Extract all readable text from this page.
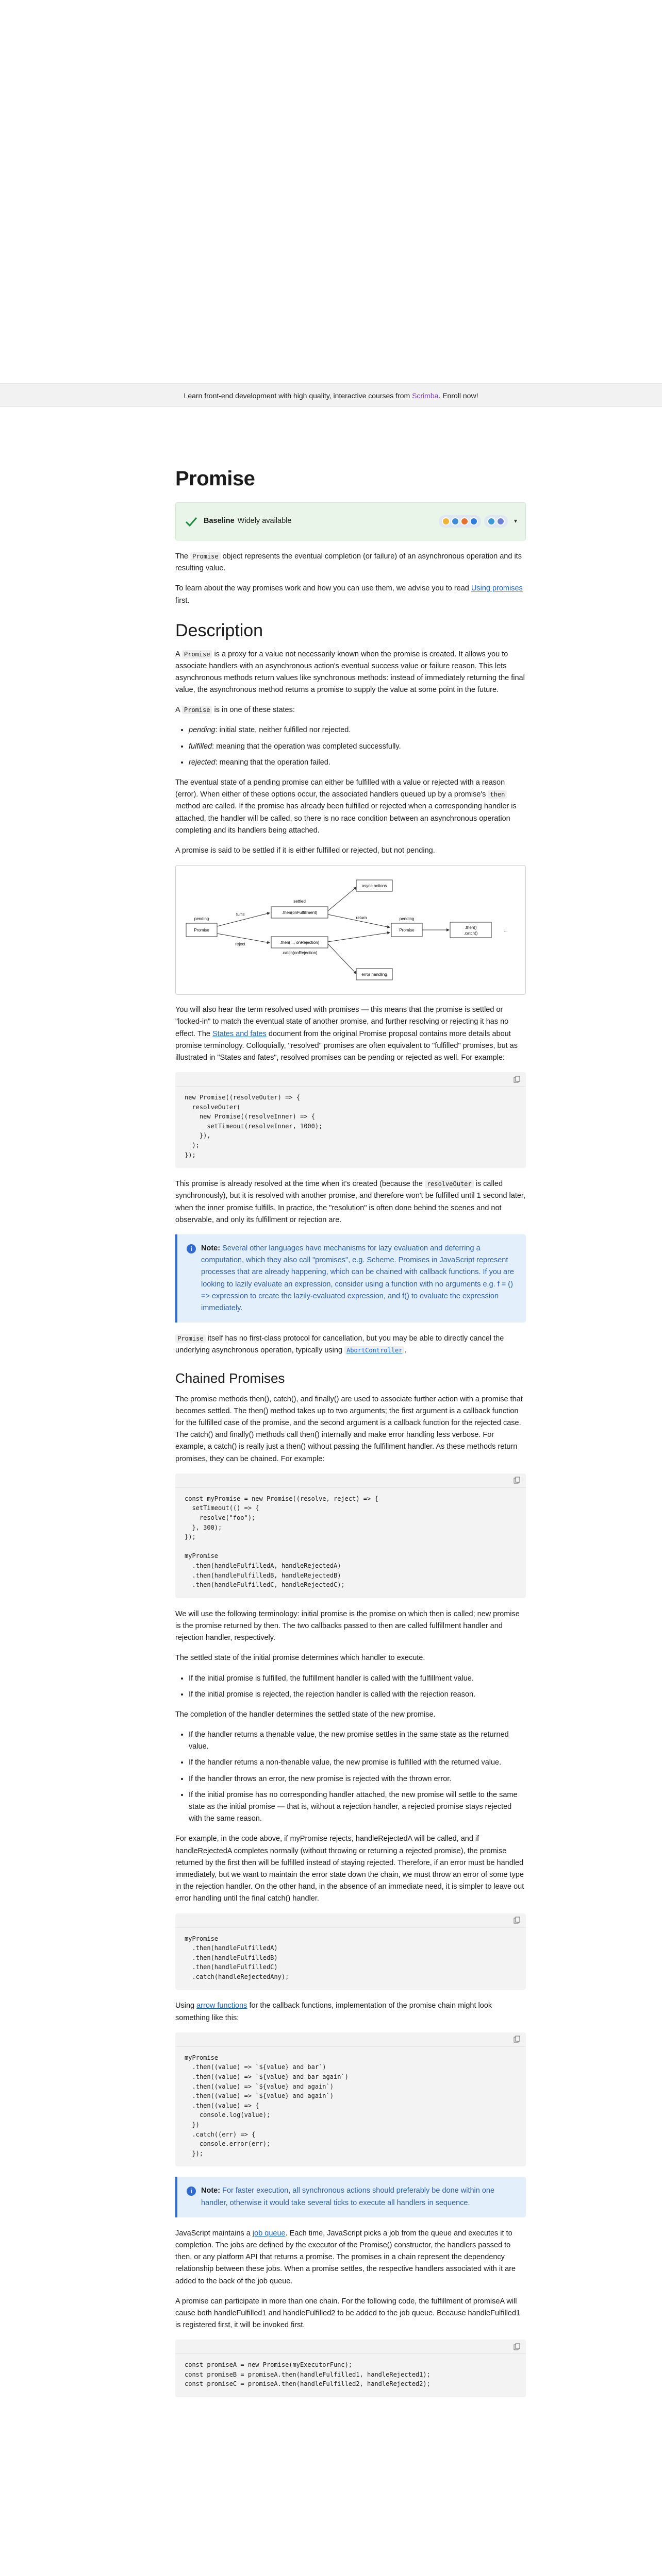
Learn front-end development with high quality, interactive courses from Scrimba. Enroll now!
Promise
Baseline Widely available	▾

The Promise object represents the eventual completion (or failure) of an asynchronous operation and its resulting value.

To learn about the way promises work and how you can use them, we advise you to read Using promises first.

Description

A Promise is a proxy for a value not necessarily known when the promise is created. It allows you to associate handlers with an asynchronous action's eventual success value or failure reason. This lets asynchronous methods return values like synchronous methods: instead of immediately returning the final value, the asynchronous method returns a promise to supply the value at some point in the future.

A Promise is in one of these states:

• pending: initial state, neither fulfilled nor rejected.
• fulfilled: meaning that the operation was completed successfully.
• rejected: meaning that the operation failed.

The eventual state of a pending promise can either be fulfilled with a value or rejected with a reason (error). When either of these options occur, the associated handlers queued up by a promise's then method are called. If the promise has already been fulfilled or rejected when a corresponding handler is attached, the handler will be called, so there is no race condition between an asynchronous operation completing and its handlers being attached.

A promise is said to be settled if it is either fulfilled or rejected, but not pending.

Promise
pending
fulfill
reject
settled
.then(onFulfillment)
.then(..., onRejection)
.catch(onRejection)
async actions
error handling
return
Promise
pending
.then()
.catch()
...

You will also hear the term resolved used with promises — this means that the promise is settled or "locked-in" to match the eventual state of another promise, and further resolving or rejecting it has no effect. The States and fates document from the original Promise proposal contains more details about promise terminology. Colloquially, "resolved" promises are often equivalent to "fulfilled" promises, but as illustrated in "States and fates", resolved promises can be pending or rejected as well. For example:

new Promise((resolveOuter) => {
resolveOuter(
new Promise((resolveInner) => {
setTimeout(resolveInner, 1000);
}),
);
});

This promise is already resolved at the time when it's created (because the resolveOuter is called synchronously), but it is resolved with another promise, and therefore won't be fulfilled until 1 second later, when the inner promise fulfills. In practice, the "resolution" is often done behind the scenes and not observable, and only its fulfillment or rejection are.

i	Note: Several other languages have mechanisms for lazy evaluation and deferring a computation, which they also call "promises", e.g. Scheme. Promises in JavaScript represent processes that are already happening, which can be chained with callback functions. If you are looking to lazily evaluate an expression, consider using a function with no arguments e.g. f = () => expression to create the lazily-evaluated expression, and f() to evaluate the expression immediately.

Promise itself has no first-class protocol for cancellation, but you may be able to directly cancel the underlying asynchronous operation, typically using AbortController .

Chained Promises

The promise methods then(), catch(), and finally() are used to associate further action with a promise that becomes settled. The then() method takes up to two arguments; the first argument is a callback function for the fulfilled case of the promise, and the second argument is a callback function for the rejected case. The catch() and finally() methods call then() internally and make error handling less verbose. For example, a catch() is really just a then() without passing the fulfillment handler. As these methods return promises, they can be chained. For example:

const myPromise = new Promise((resolve, reject) => {
setTimeout(() => {
resolve("foo");
}, 300);
});

myPromise
.then(handleFulfilledA, handleRejectedA)
.then(handleFulfilledB, handleRejectedB)
.then(handleFulfilledC, handleRejectedC);

We will use the following terminology: initial promise is the promise on which then is called; new promise is the promise returned by then. The two callbacks passed to then are called fulfillment handler and rejection handler, respectively.

The settled state of the initial promise determines which handler to execute.

• If the initial promise is fulfilled, the fulfillment handler is called with the fulfillment value.
• If the initial promise is rejected, the rejection handler is called with the rejection reason.

The completion of the handler determines the settled state of the new promise.

• If the handler returns a thenable value, the new promise settles in the same state as the returned value.
• If the handler returns a non-thenable value, the new promise is fulfilled with the returned value.
• If the handler throws an error, the new promise is rejected with the thrown error.
• If the initial promise has no corresponding handler attached, the new promise will settle to the same state as the initial promise — that is, without a rejection handler, a rejected promise stays rejected with the same reason.

For example, in the code above, if myPromise rejects, handleRejectedA will be called, and if handleRejectedA completes normally (without throwing or returning a rejected promise), the promise returned by the first then will be fulfilled instead of staying rejected. Therefore, if an error must be handled immediately, but we want to maintain the error state down the chain, we must throw an error of some type in the rejection handler. On the other hand, in the absence of an immediate need, it is simpler to leave out error handling until the final catch() handler.

myPromise
.then(handleFulfilledA)
.then(handleFulfilledB)
.then(handleFulfilledC)
.catch(handleRejectedAny);

Using arrow functions for the callback functions, implementation of the promise chain might look something like this:

myPromise
.then((value) => `${value} and bar`)
.then((value) => `${value} and bar again`)
.then((value) => `${value} and again`)
.then((value) => `${value} and again`)
.then((value) => {
console.log(value);
})
.catch((err) => {
console.error(err);
});
i	Note: For faster execution, all synchronous actions should preferably be done within one handler, otherwise it would take several ticks to execute all handlers in sequence.

JavaScript maintains a job queue. Each time, JavaScript picks a job from the queue and executes it to completion. The jobs are defined by the executor of the Promise() constructor, the handlers passed to then, or any platform API that returns a promise. The promises in a chain represent the dependency relationship between these jobs. When a promise settles, the respective handlers associated with it are added to the back of the job queue.

A promise can participate in more than one chain. For the following code, the fulfillment of promiseA will cause both handleFulfilled1 and handleFulfilled2 to be added to the job queue. Because handleFulfilled1 is registered first, it will be invoked first.

const promiseA = new Promise(myExecutorFunc);
const promiseB = promiseA.then(handleFulfilled1, handleRejected1);
const promiseC = promiseA.then(handleFulfilled2, handleRejected2);
